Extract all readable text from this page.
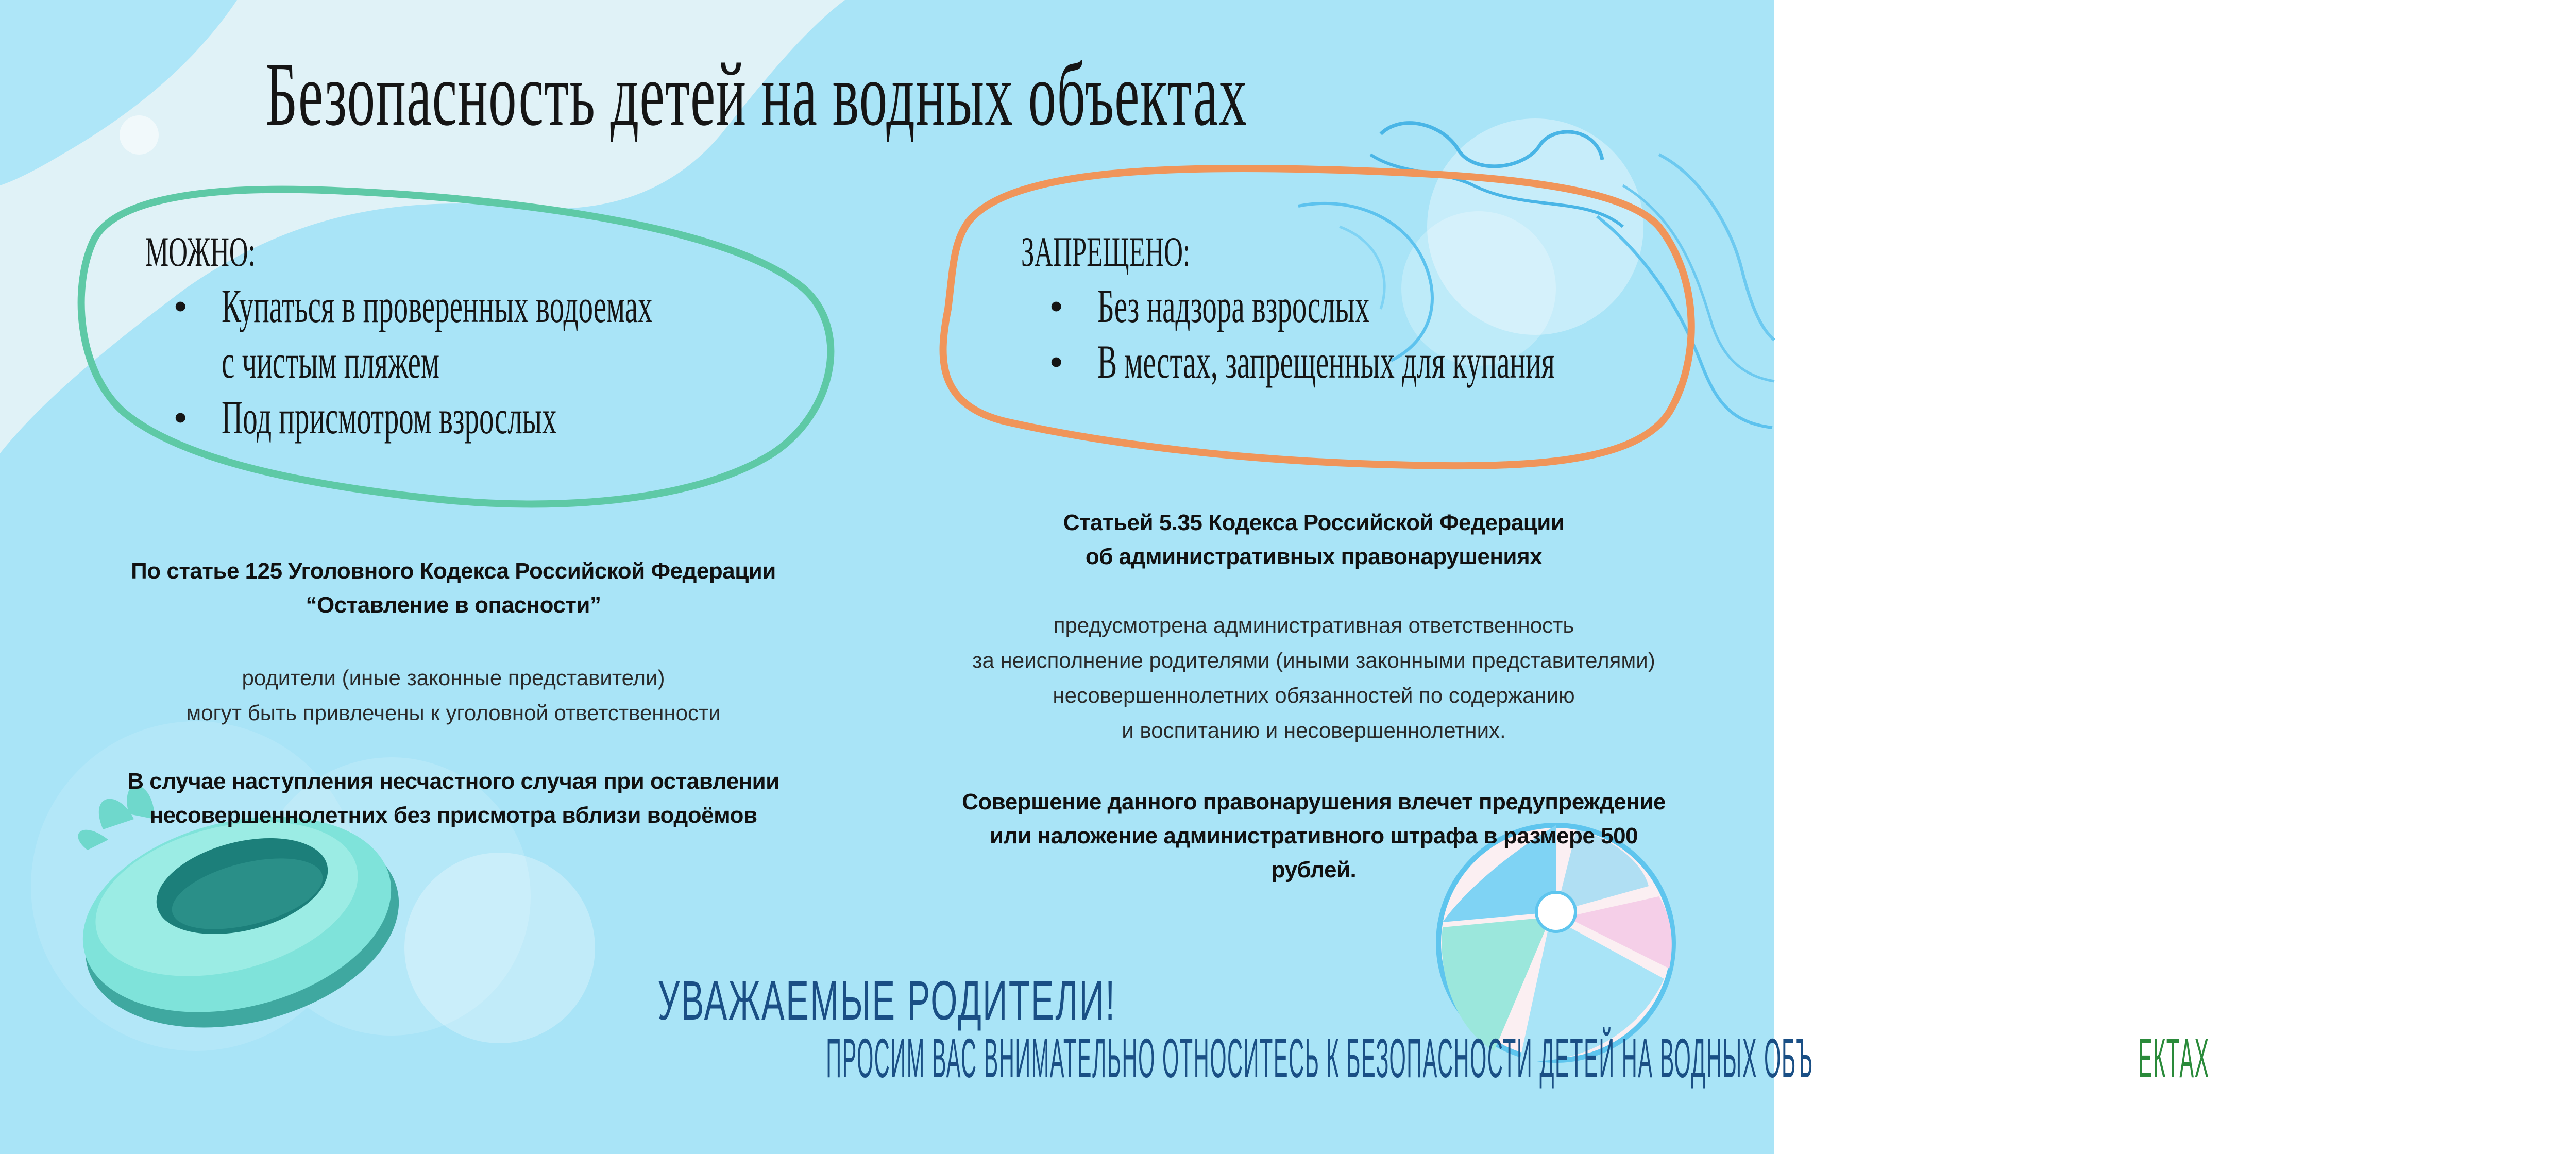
Безопасность детей на водных объектах
МОЖНО:
• Купаться в проверенных водоемах
с чистым пляжем
• Под присмотром взрослых
ЗАПРЕЩЕНО:
• Без надзора взрослых
• В местах, запрещенных для купания
По статье 125 Уголовного Кодекса Российской Федерации
“Оставление в опасности”
родители (иные законные представители)
могут быть привлечены к уголовной ответственности
В случае наступления несчастного случая при оставлении
несовершеннолетних без присмотра вблизи водоёмов
Статьей 5.35 Кодекса Российской Федерации
об административных правонарушениях
предусмотрена административная ответственность
за неисполнение родителями (иными законными представителями)
несовершеннолетних обязанностей по содержанию
и воспитанию и несовершеннолетних.
Совершение данного правонарушения влечет предупреждение
или наложение административного штрафа в размере 500
рублей.
УВАЖАЕМЫЕ РОДИТЕЛИ!
ПРОСИМ ВАС ВНИМАТЕЛЬНО ОТНОСИТЕСЬ К БЕЗОПАСНОСТИ ДЕТЕЙ НА ВОДНЫХ ОБЪ	ЕКТАХ
